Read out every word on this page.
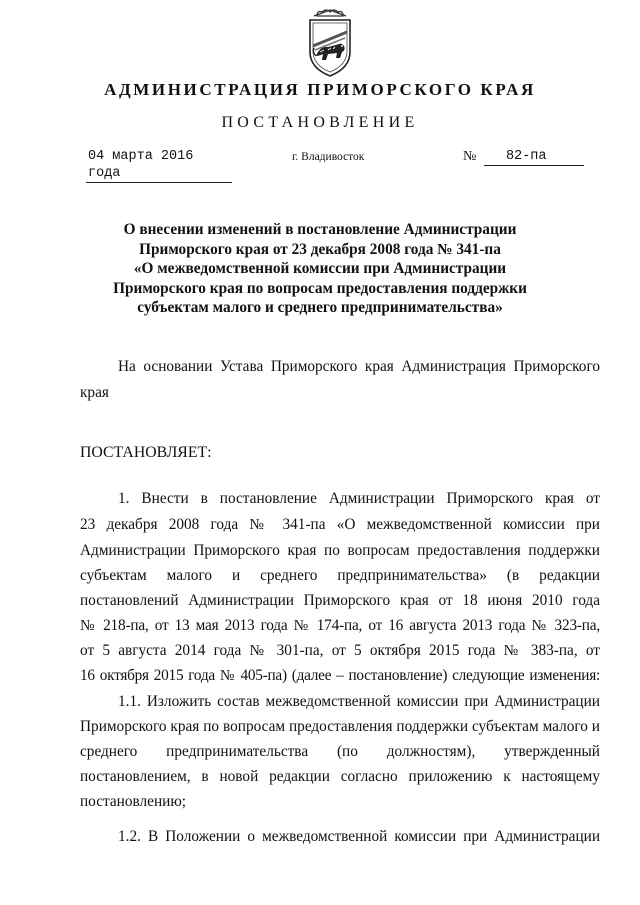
АДМИНИСТРАЦИЯ ПРИМОРСКОГО КРАЯ
ПОСТАНОВЛЕНИЕ
04 марта 2016 года
г. Владивосток	№	82-па
О внесении изменений в постановление Администрации
Приморского края от 23 декабря 2008 года № 341-па
«О межведомственной комиссии при Администрации
Приморского края по вопросам предоставления поддержки
субъектам малого и среднего предпринимательства»
На основании Устава Приморского края Администрация Приморского
края
ПОСТАНОВЛЯЕТ:
1. Внести в постановление Администрации Приморского края от
23 декабря 2008 года № 341-па «О межведомственной комиссии при
Администрации Приморского края по вопросам предоставления поддержки
субъектам малого и среднего предпринимательства» (в редакции
постановлений Администрации Приморского края от 18 июня 2010 года
№ 218-па, от 13 мая 2013 года № 174-па, от 16 августа 2013 года № 323-па,
от 5 августа 2014 года № 301-па, от 5 октября 2015 года № 383-па, от
16 октября 2015 года № 405-па) (далее – постановление) следующие изменения:
1.1. Изложить состав межведомственной комиссии при Администрации
Приморского края по вопросам предоставления поддержки субъектам малого и
среднего предпринимательства (по должностям), утвержденный
постановлением, в новой редакции согласно приложению к настоящему
постановлению;
1.2. В Положении о межведомственной комиссии при Администрации
